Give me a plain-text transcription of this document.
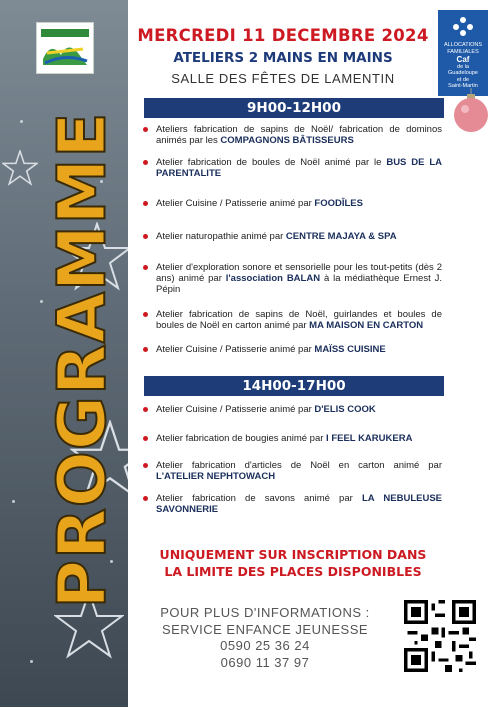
PROGRAMME
MERCREDI 11 DECEMBRE 2024
ATELIERS 2 MAINS EN MAINS
SALLE DES FÊTES DE LAMENTIN
ALLOCATIONS
FAMILIALES
Caf
de la
Guadeloupe
et de
Saint-Martin
9H00-12H00
Ateliers fabrication de sapins de Noël/ fabrication de dominos animés par les COMPAGNONS BÂTISSEURS
Atelier fabrication de boules de Noël animé par le BUS DE LA PARENTALITE
Atelier Cuisine / Patisserie animé par FOODÎLES
Atelier naturopathie animé par CENTRE MAJAYA & SPA
Atelier d'exploration sonore et sensorielle pour les tout-petits (dès 2 ans) animé par l'association BALAN à la médiathèque Ernest J. Pépin
Atelier fabrication de sapins de Noël, guirlandes et boules de boules de Noël en carton animé par MA MAISON EN CARTON
Atelier Cuisine / Patisserie animé par MAÏSS CUISINE
14H00-17H00
Atelier Cuisine / Patisserie animé par D'ELIS COOK
Atelier fabrication de bougies animé par I FEEL KARUKERA
Atelier fabrication d'articles de Noël en carton animé par L'ATELIER NEPHTOWACH
Atelier fabrication de savons animé par LA NEBULEUSE SAVONNERIE
UNIQUEMENT SUR INSCRIPTION DANS
LA LIMITE DES PLACES DISPONIBLES
POUR PLUS D'INFORMATIONS :
SERVICE ENFANCE JEUNESSE
0590 25 36 24
0690 11 37 97
